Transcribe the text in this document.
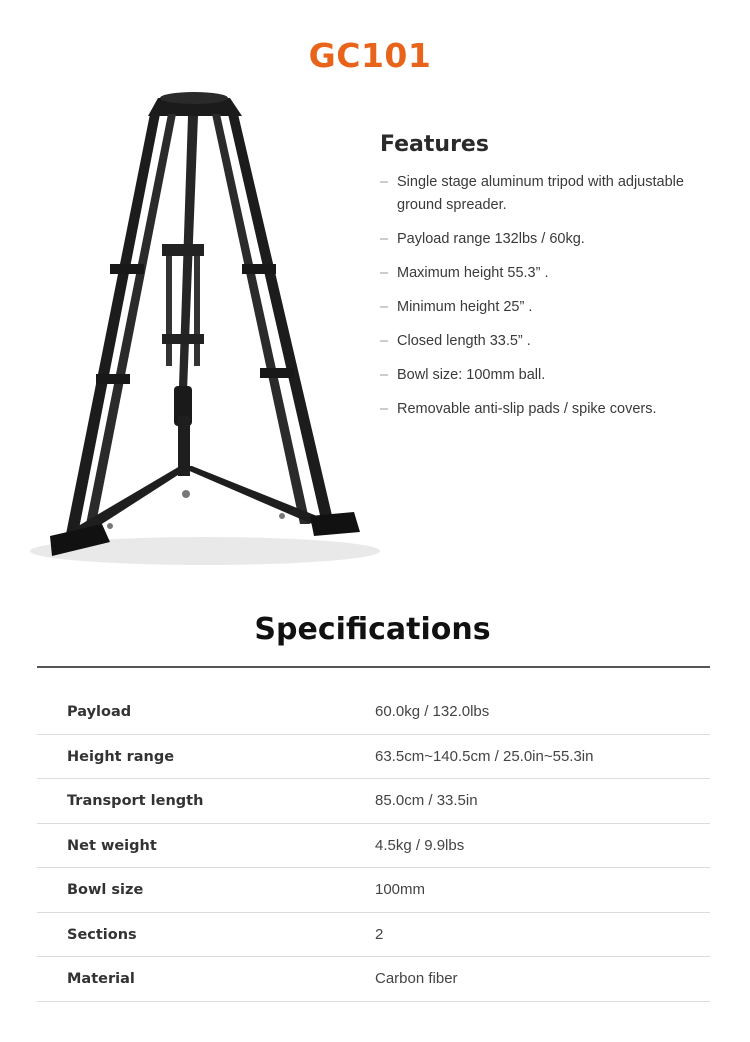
GC101
Features
– Single stage aluminum tripod with adjustable ground spreader.
– Payload range 132lbs / 60kg.
– Maximum height 55.3” .
– Minimum height 25” .
– Closed length 33.5” .
– Bowl size: 100mm ball.
– Removable anti-slip pads / spike covers.
Specifications
Payload	60.0kg / 132.0lbs
Height range	63.5cm~140.5cm / 25.0in~55.3in
Transport length	85.0cm / 33.5in
Net weight	4.5kg / 9.9lbs
Bowl size	100mm
Sections	2
Material	Carbon fiber
